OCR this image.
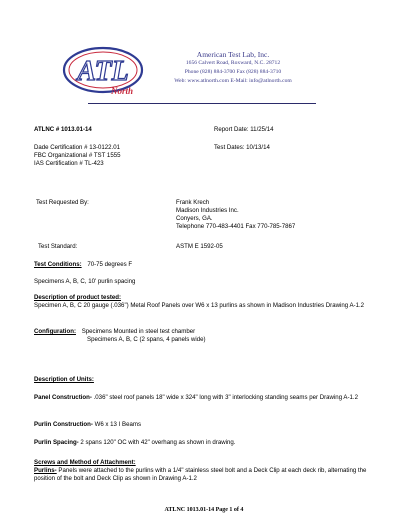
ATL
North
American Test Lab, Inc.
1656 Calvert Road, Roxward, N.C. 28712
Phone (828) 884-3700 Fax (828) 884-3710
Web: www.atlnorth.com E-Mail: info@atlnorth.com
ATLNC # 1013.01-14	Report Date: 11/25/14
Dade Certification # 13-0122.01	Test Dates: 10/13/14
FBC Organizational # TST 1555
IAS Certification # TL-423
Test Requested By:	Frank Krech
Madison Industries Inc.
Conyers, GA.
Telephone 770-483-4401 Fax 770-785-7867
Test Standard:	ASTM E 1592-05
Test Conditions: 70-75 degrees F
Specimens A, B, C, 10' purlin spacing
Description of product tested:
Specimen A, B, C 20 gauge (.036") Metal Roof Panels over W6 x 13 purlins as shown in Madison Industries Drawing A-1.2
Configuration: Specimens Mounted in steel test chamber
Specimens A, B, C (2 spans, 4 panels wide)
Description of Units:
Panel Construction- .036" steel roof panels 18" wide x 324" long with 3" interlocking standing seams per Drawing A-1.2
Purlin Construction- W6 x 13 I Beams
Purlin Spacing- 2 spans 120" OC with 42" overhang as shown in drawing.
Screws and Method of Attachment:
Purlins- Panels were attached to the purlins with a 1/4" stainless steel bolt and a Deck Clip at each deck rib, alternating the position of the bolt and Deck Clip as shown in Drawing A-1.2
ATLNC 1013.01-14 Page 1 of 4
